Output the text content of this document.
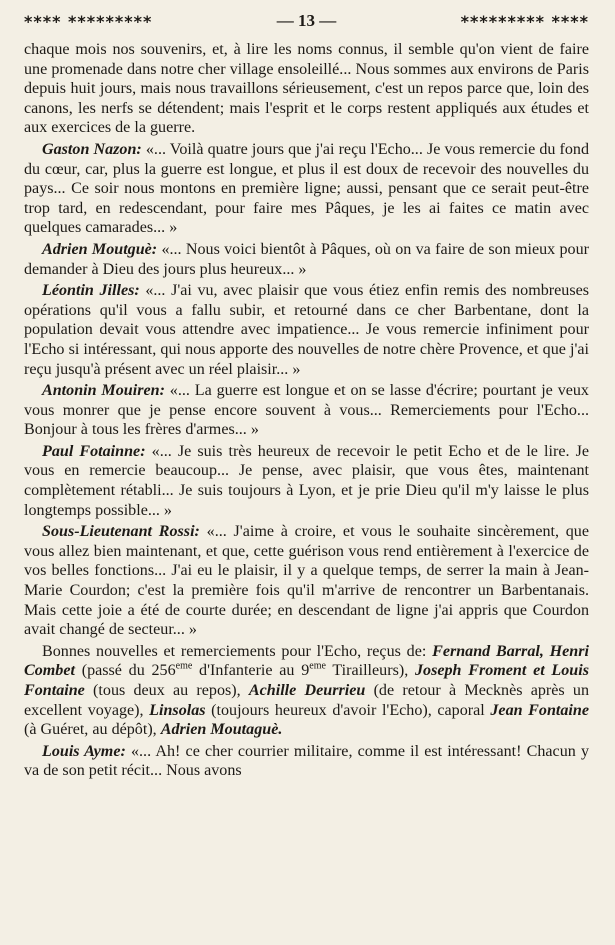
**** *********	— 13 —	********* ****

chaque mois nos souvenirs, et, à lire les noms connus, il semble qu'on vient de faire une promenade dans notre cher village ensoleillé... Nous sommes aux environs de Paris depuis huit jours, mais nous travaillons sérieusement, c'est un repos parce que, loin des canons, les nerfs se détendent; mais l'esprit et le corps restent appliqués aux études et aux exercices de la guerre.

Gaston Nazon: «... Voilà quatre jours que j'ai reçu l'Echo... Je vous remercie du fond du cœur, car, plus la guerre est longue, et plus il est doux de recevoir des nouvelles du pays... Ce soir nous montons en première ligne; aussi, pensant que ce serait peut-être trop tard, en redescendant, pour faire mes Pâques, je les ai faites ce matin avec quelques camarades... »

Adrien Moutguè: «... Nous voici bientôt à Pâques, où on va faire de son mieux pour demander à Dieu des jours plus heureux... »

Léontin Jilles: «... J'ai vu, avec plaisir que vous étiez enfin remis des nombreuses opérations qu'il vous a fallu subir, et retourné dans ce cher Barbentane, dont la population devait vous attendre avec impatience... Je vous remercie infiniment pour l'Echo si intéressant, qui nous apporte des nouvelles de notre chère Provence, et que j'ai reçu jusqu'à présent avec un réel plaisir... »

Antonin Mouiren: «... La guerre est longue et on se lasse d'écrire; pourtant je veux vous monrer que je pense encore souvent à vous... Remerciements pour l'Echo... Bonjour à tous les frères d'armes... »

Paul Fotainne: «... Je suis très heureux de recevoir le petit Echo et de le lire. Je vous en remercie beaucoup... Je pense, avec plaisir, que vous êtes, maintenant complètement rétabli... Je suis toujours à Lyon, et je prie Dieu qu'il m'y laisse le plus longtemps possible... »

Sous-Lieutenant Rossi: «... J'aime à croire, et vous le souhaite sincèrement, que vous allez bien maintenant, et que, cette guérison vous rend entièrement à l'exercice de vos belles fonctions... J'ai eu le plaisir, il y a quelque temps, de serrer la main à Jean-Marie Courdon; c'est la première fois qu'il m'arrive de rencontrer un Barbentanais. Mais cette joie a été de courte durée; en descendant de ligne j'ai appris que Courdon avait changé de secteur... »

Bonnes nouvelles et remerciements pour l'Echo, reçus de: Fernand Barral, Henri Combet (passé du 256eme d'Infanterie au 9eme Tirailleurs), Joseph Froment et Louis Fontaine (tous deux au repos), Achille Deurrieu (de retour à Mecknès après un excellent voyage), Linsolas (toujours heureux d'avoir l'Echo), caporal Jean Fontaine (à Guéret, au dépôt), Adrien Moutaguè.

Louis Ayme: «... Ah! ce cher courrier militaire, comme il est intéressant! Chacun y va de son petit récit... Nous avons
